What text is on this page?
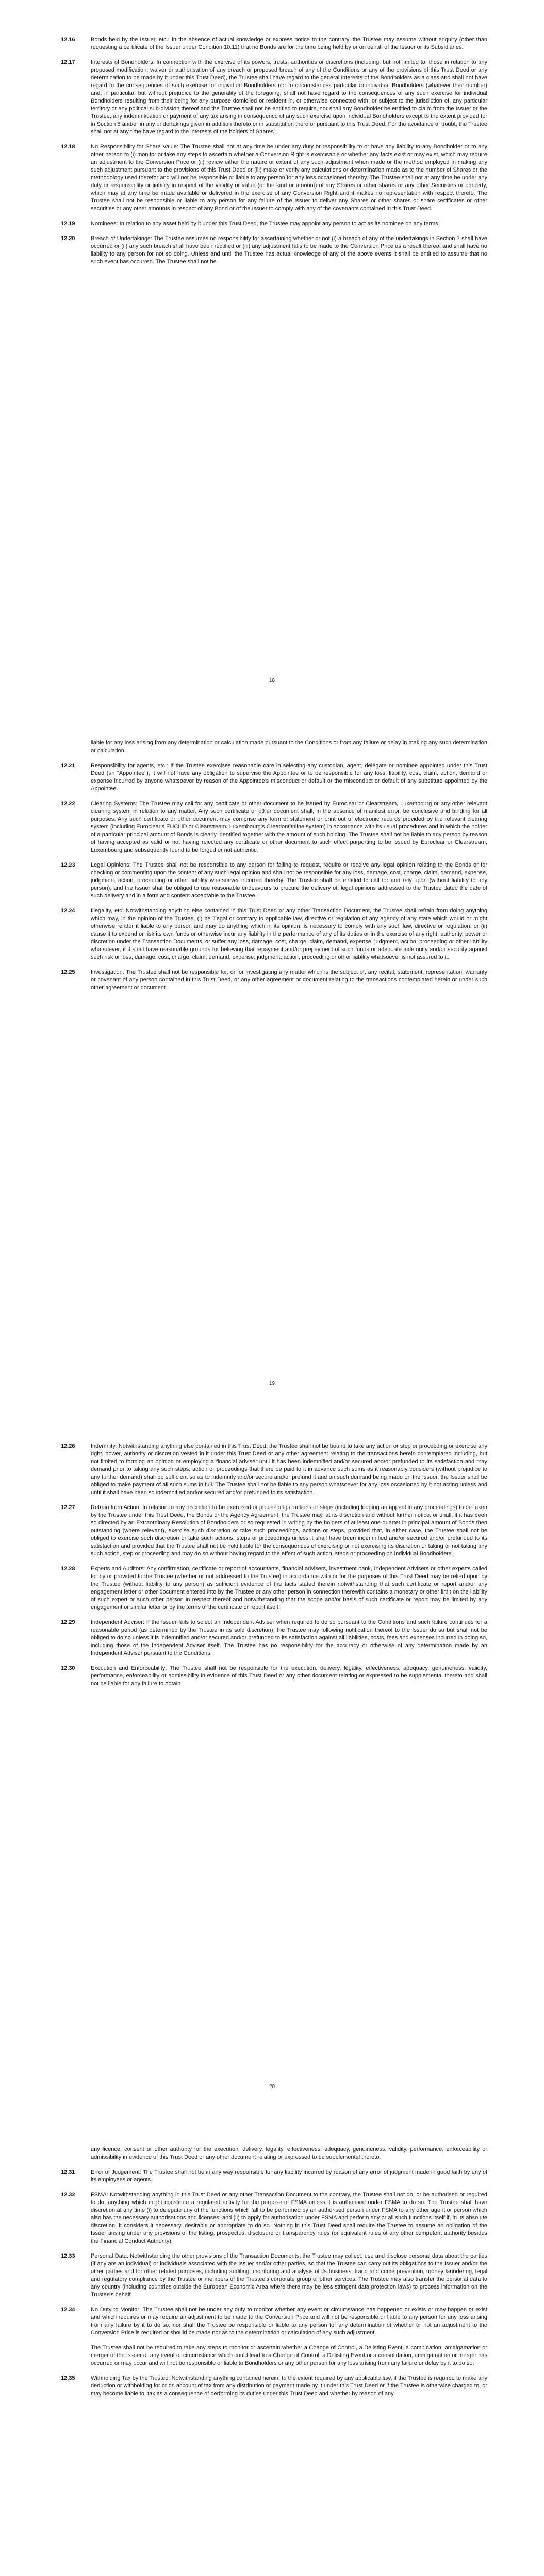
12.16	Bonds held by the Issuer, etc.: In the absence of actual knowledge or express notice to the contrary, the Trustee may assume without enquiry (other than requesting a certificate of the Issuer under Condition 10.11) that no Bonds are for the time being held by or on behalf of the Issuer or its Subsidiaries.
12.17	Interests of Bondholders: In connection with the exercise of its powers, trusts, authorities or discretions (including, but not limited to, those in relation to any proposed modification, waiver or authorisation of any breach or proposed breach of any of the Conditions or any of the provisions of this Trust Deed or any determination to be made by it under this Trust Deed), the Trustee shall have regard to the general interests of the Bondholders as a class and shall not have regard to the consequences of such exercise for individual Bondholders nor to circumstances particular to individual Bondholders (whatever their number) and, in particular, but without prejudice to the generality of the foregoing, shall not have regard to the consequences of any such exercise for individual Bondholders resulting from their being for any purpose domiciled or resident in, or otherwise connected with, or subject to the jurisdiction of, any particular territory or any political sub-division thereof and the Trustee shall not be entitled to require, nor shall any Bondholder be entitled to claim from the Issuer or the Trustee, any indemnification or payment of any tax arising in consequence of any such exercise upon individual Bondholders except to the extent provided for in Section 8 and/or in any undertakings given in addition thereto or in substitution therefor pursuant to this Trust Deed. For the avoidance of doubt, the Trustee shall not at any time have regard to the interests of the holders of Shares.
12.18	No Responsibility for Share Value: The Trustee shall not at any time be under any duty or responsibility to or have any liability to any Bondholder or to any other person to (i) monitor or take any steps to ascertain whether a Conversion Right is exercisable or whether any facts exist or may exist, which may require an adjustment to the Conversion Price or (ii) review either the nature or extent of any such adjustment when made or the method employed in making any such adjustment pursuant to the provisions of this Trust Deed or (iii) make or verify any calculations or determination made as to the number of Shares or the methodology used therefor and will not be responsible or liable to any person for any loss occasioned thereby. The Trustee shall not at any time be under any duty or responsibility or liability in respect of the validity or value (or the kind or amount) of any Shares or other shares or any other Securities or property, which may at any time be made available or delivered in the exercise of any Conversion Right and it makes no representation with respect thereto. The Trustee shall not be responsible or liable to any person for any failure of the Issuer to deliver any Shares or other shares or share certificates or other securities or any other amounts in respect of any Bond or of the Issuer to comply with any of the covenants contained in this Trust Deed.
12.19	Nominees: In relation to any asset held by it under this Trust Deed, the Trustee may appoint any person to act as its nominee on any terms.
12.20	Breach of Undertakings: The Trustee assumes no responsibility for ascertaining whether or not (i) a breach of any of the undertakings in Section 7 shall have occurred or (ii) any such breach shall have been rectified or (iii) any adjustment falls to be made to the Conversion Price as a result thereof and shall have no liability to any person for not so doing. Unless and until the Trustee has actual knowledge of any of the above events it shall be entitled to assume that no such event has occurred. The Trustee shall not be
18
liable for any loss arising from any determination or calculation made pursuant to the Conditions or from any failure or delay in making any such determination or calculation.
12.21	Responsibility for agents, etc.: If the Trustee exercises reasonable care in selecting any custodian, agent, delegate or nominee appointed under this Trust Deed (an "Appointee"), it will not have any obligation to supervise the Appointee or to be responsible for any loss, liability, cost, claim, action, demand or expense incurred by anyone whatsoever by reason of the Appointee's misconduct or default or the misconduct or default of any substitute appointed by the Appointee.
12.22	Clearing Systems: The Trustee may call for any certificate or other document to be issued by Euroclear or Clearstream, Luxembourg or any other relevant clearing system in relation to any matter. Any such certificate or other document shall, in the absence of manifest error, be conclusive and binding for all purposes. Any such certificate or other document may comprise any form of statement or print out of electronic records provided by the relevant clearing system (including Euroclear's EUCLID or Clearstream, Luxembourg's CreationOnline system) in accordance with its usual procedures and in which the holder of a particular principal amount of Bonds is clearly identified together with the amount of such holding. The Trustee shall not be liable to any person by reason of having accepted as valid or not having rejected any certificate or other document to such effect purporting to be issued by Euroclear or Clearstream, Luxembourg and subsequently found to be forged or not authentic.
12.23	Legal Opinions: The Trustee shall not be responsible to any person for failing to request, require or receive any legal opinion relating to the Bonds or for checking or commenting upon the content of any such legal opinion and shall not be responsible for any loss, damage, cost, charge, claim, demand, expense, judgment, action, proceeding or other liability whatsoever incurred thereby. The Trustee shall be entitled to call for and rely upon (without liability to any person), and the Issuer shall be obliged to use reasonable endeavours to procure the delivery of, legal opinions addressed to the Trustee dated the date of such delivery and in a form and content acceptable to the Trustee.
12.24	Illegality, etc: Notwithstanding anything else contained in this Trust Deed or any other Transaction Document, the Trustee shall refrain from doing anything which may, in the opinion of the Trustee, (i) be illegal or contrary to applicable law, directive or regulation of any agency of any state which would or might otherwise render it liable to any person and may do anything which in its opinion, is necessary to comply with any such law, directive or regulation; or (ii) cause it to expend or risk its own funds or otherwise incur any liability in the performance of any of its duties or in the exercise of any right, authority, power or discretion under the Transaction Documents, or suffer any loss, damage, cost, charge, claim, demand, expense, judgment, action, proceeding or other liability whatsoever, if it shall have reasonable grounds for believing that repayment and/or prepayment of such funds or adequate indemnity and/or security against such risk or loss, damage, cost, charge, claim, demand, expense, judgment, action, proceeding or other liability whatsoever is not assured to it.
12.25	Investigation: The Trustee shall not be responsible for, or for investigating any matter which is the subject of, any recital, statement, representation, warranty or covenant of any person contained in this Trust Deed, or any other agreement or document relating to the transactions contemplated herein or under such other agreement or document.
19
12.26	Indemnity: Notwithstanding anything else contained in this Trust Deed, the Trustee shall not be bound to take any action or step or proceeding or exercise any right, power, authority or discretion vested in it under this Trust Deed or any other agreement relating to the transactions herein contemplated including, but not limited to forming an opinion or employing a financial adviser until it has been indemnified and/or secured and/or prefunded to its satisfaction and may demand prior to taking any such steps, action or proceedings that there be paid to it in advance such sums as it reasonably considers (without prejudice to any further demand) shall be sufficient so as to indemnify and/or secure and/or prefund it and on such demand being made on the Issuer, the Issuer shall be obliged to make payment of all such sums in full. The Trustee shall not be liable to any person whatsoever for any loss occasioned by it not acting unless and until it shall have been so indemnified and/or secured and/or prefunded to its satisfaction.
12.27	Refrain from Action: In relation to any discretion to be exercised or proceedings, actions or steps (including lodging an appeal in any proceedings) to be taken by the Trustee under this Trust Deed, the Bonds or the Agency Agreement, the Trustee may, at its discretion and without further notice, or shall, if it has been so directed by an Extraordinary Resolution of Bondholders or so requested in writing by the holders of at least one-quarter in principal amount of Bonds then outstanding (where relevant), exercise such discretion or take such proceedings, actions or steps, provided that, in either case, the Trustee shall not be obliged to exercise such discretion or take such actions, steps or proceedings unless it shall have been indemnified and/or secured and/or prefunded to its satisfaction and provided that the Trustee shall not be held liable for the consequences of exercising or not exercising its discretion or taking or not taking any such action, step or proceeding and may do so without having regard to the effect of such action, steps or proceeding on individual Bondholders.
12.28	Experts and Auditors: Any confirmation, certificate or report of accountants, financial advisers, investment bank, Independent Advisers or other experts called for by or provided to the Trustee (whether or not addressed to the Trustee) in accordance with or for the purposes of this Trust Deed may be relied upon by the Trustee (without liability to any person) as sufficient evidence of the facts stated therein notwithstanding that such certificate or report and/or any engagement letter or other document entered into by the Trustee or any other person in connection therewith contains a monetary or other limit on the liability of such expert or such other person in respect thereof and notwithstanding that the scope and/or basis of such certificate or report may be limited by any engagement or similar letter or by the terms of the certificate or report itself.
12.29	Independent Adviser: If the Issuer fails to select an Independent Adviser when required to do so pursuant to the Conditions and such failure continues for a reasonable period (as determined by the Trustee in its sole discretion), the Trustee may following notification thereof to the Issuer do so but shall not be obliged to do so unless it is indemnified and/or secured and/or prefunded to its satisfaction against all liabilities, costs, fees and expenses incurred in doing so, including those of the Independent Adviser itself. The Trustee has no responsibility for the accuracy or otherwise of any determination made by an Independent Adviser pursuant to the Conditions.
12.30	Execution and Enforceability: The Trustee shall not be responsible for the execution, delivery, legality, effectiveness, adequacy, genuineness, validity, performance, enforceability or admissibility in evidence of this Trust Deed or any other document relating or expressed to be supplemental thereto and shall not be liable for any failure to obtain
20
any licence, consent or other authority for the execution, delivery, legality, effectiveness, adequacy, genuineness, validity, performance, enforceability or admissibility in evidence of this Trust Deed or any other document relating or expressed to be supplemental thereto.
12.31	Error of Judgement: The Trustee shall not be in any way responsible for any liability incurred by reason of any error of judgment made in good faith by any of its employees or agents.
12.32	FSMA: Notwithstanding anything in this Trust Deed or any other Transaction Document to the contrary, the Trustee shall not do, or be authorised or required to do, anything which might constitute a regulated activity for the purpose of FSMA unless it is authorised under FSMA to do so. The Trustee shall have discretion at any time (i) to delegate any of the functions which fall to be performed by an authorised person under FSMA to any other agent or person which also has the necessary authorisations and licenses; and (ii) to apply for authorisation under FSMA and perform any or all such functions itself if, in its absolute discretion, it considers it necessary, desirable or appropriate to do so. Nothing in this Trust Deed shall require the Trustee to assume an obligation of the Issuer arising under any provisions of the listing, prospectus, disclosure or transparency rules (or equivalent rules of any other competent authority besides the Financial Conduct Authority).
12.33	Personal Data: Notwithstanding the other provisions of the Transaction Documents, the Trustee may collect, use and disclose personal data about the parties (if any are an individual) or individuals associated with the Issuer and/or other parties, so that the Trustee can carry out its obligations to the Issuer and/or the other parties and for other related purposes, including auditing, monitoring and analysis of its business, fraud and crime prevention, money laundering, legal and regulatory compliance by the Trustee or members of the Trustee's corporate group of other services. The Trustee may also transfer the personal data to any country (including countries outside the European Economic Area where there may be less stringent data protection laws) to process information on the Trustee's behalf.
12.34	No Duty to Monitor: The Trustee shall not be under any duty to monitor whether any event or circumstance has happened or exists or may happen or exist and which requires or may require an adjustment to be made to the Conversion Price and will not be responsible or liable to any person for any loss arising from any failure by it to do so, nor shall the Trustee be responsible or liable to any person for any determination of whether or not an adjustment to the Conversion Price is required or should be made nor as to the determination or calculation of any such adjustment.
The Trustee shall not be required to take any steps to monitor or ascertain whether a Change of Control, a Delisting Event, a combination, amalgamation or merger of the Issuer or any event or circumstance which could lead to a Change of Control, a Delisting Event or a consolidation, amalgamation or merger has occurred or may occur and will not be responsible or liable to Bondholders or any other person for any loss arising from any failure or delay by it to do so.
12.35	Withholding Tax by the Trustee: Notwithstanding anything contained herein, to the extent required by any applicable law, if the Trustee is required to make any deduction or withholding for or on account of tax from any distribution or payment made by it under this Trust Deed or if the Trustee is otherwise charged to, or may become liable to, tax as a consequence of performing its duties under this Trust Deed and whether by reason of any
